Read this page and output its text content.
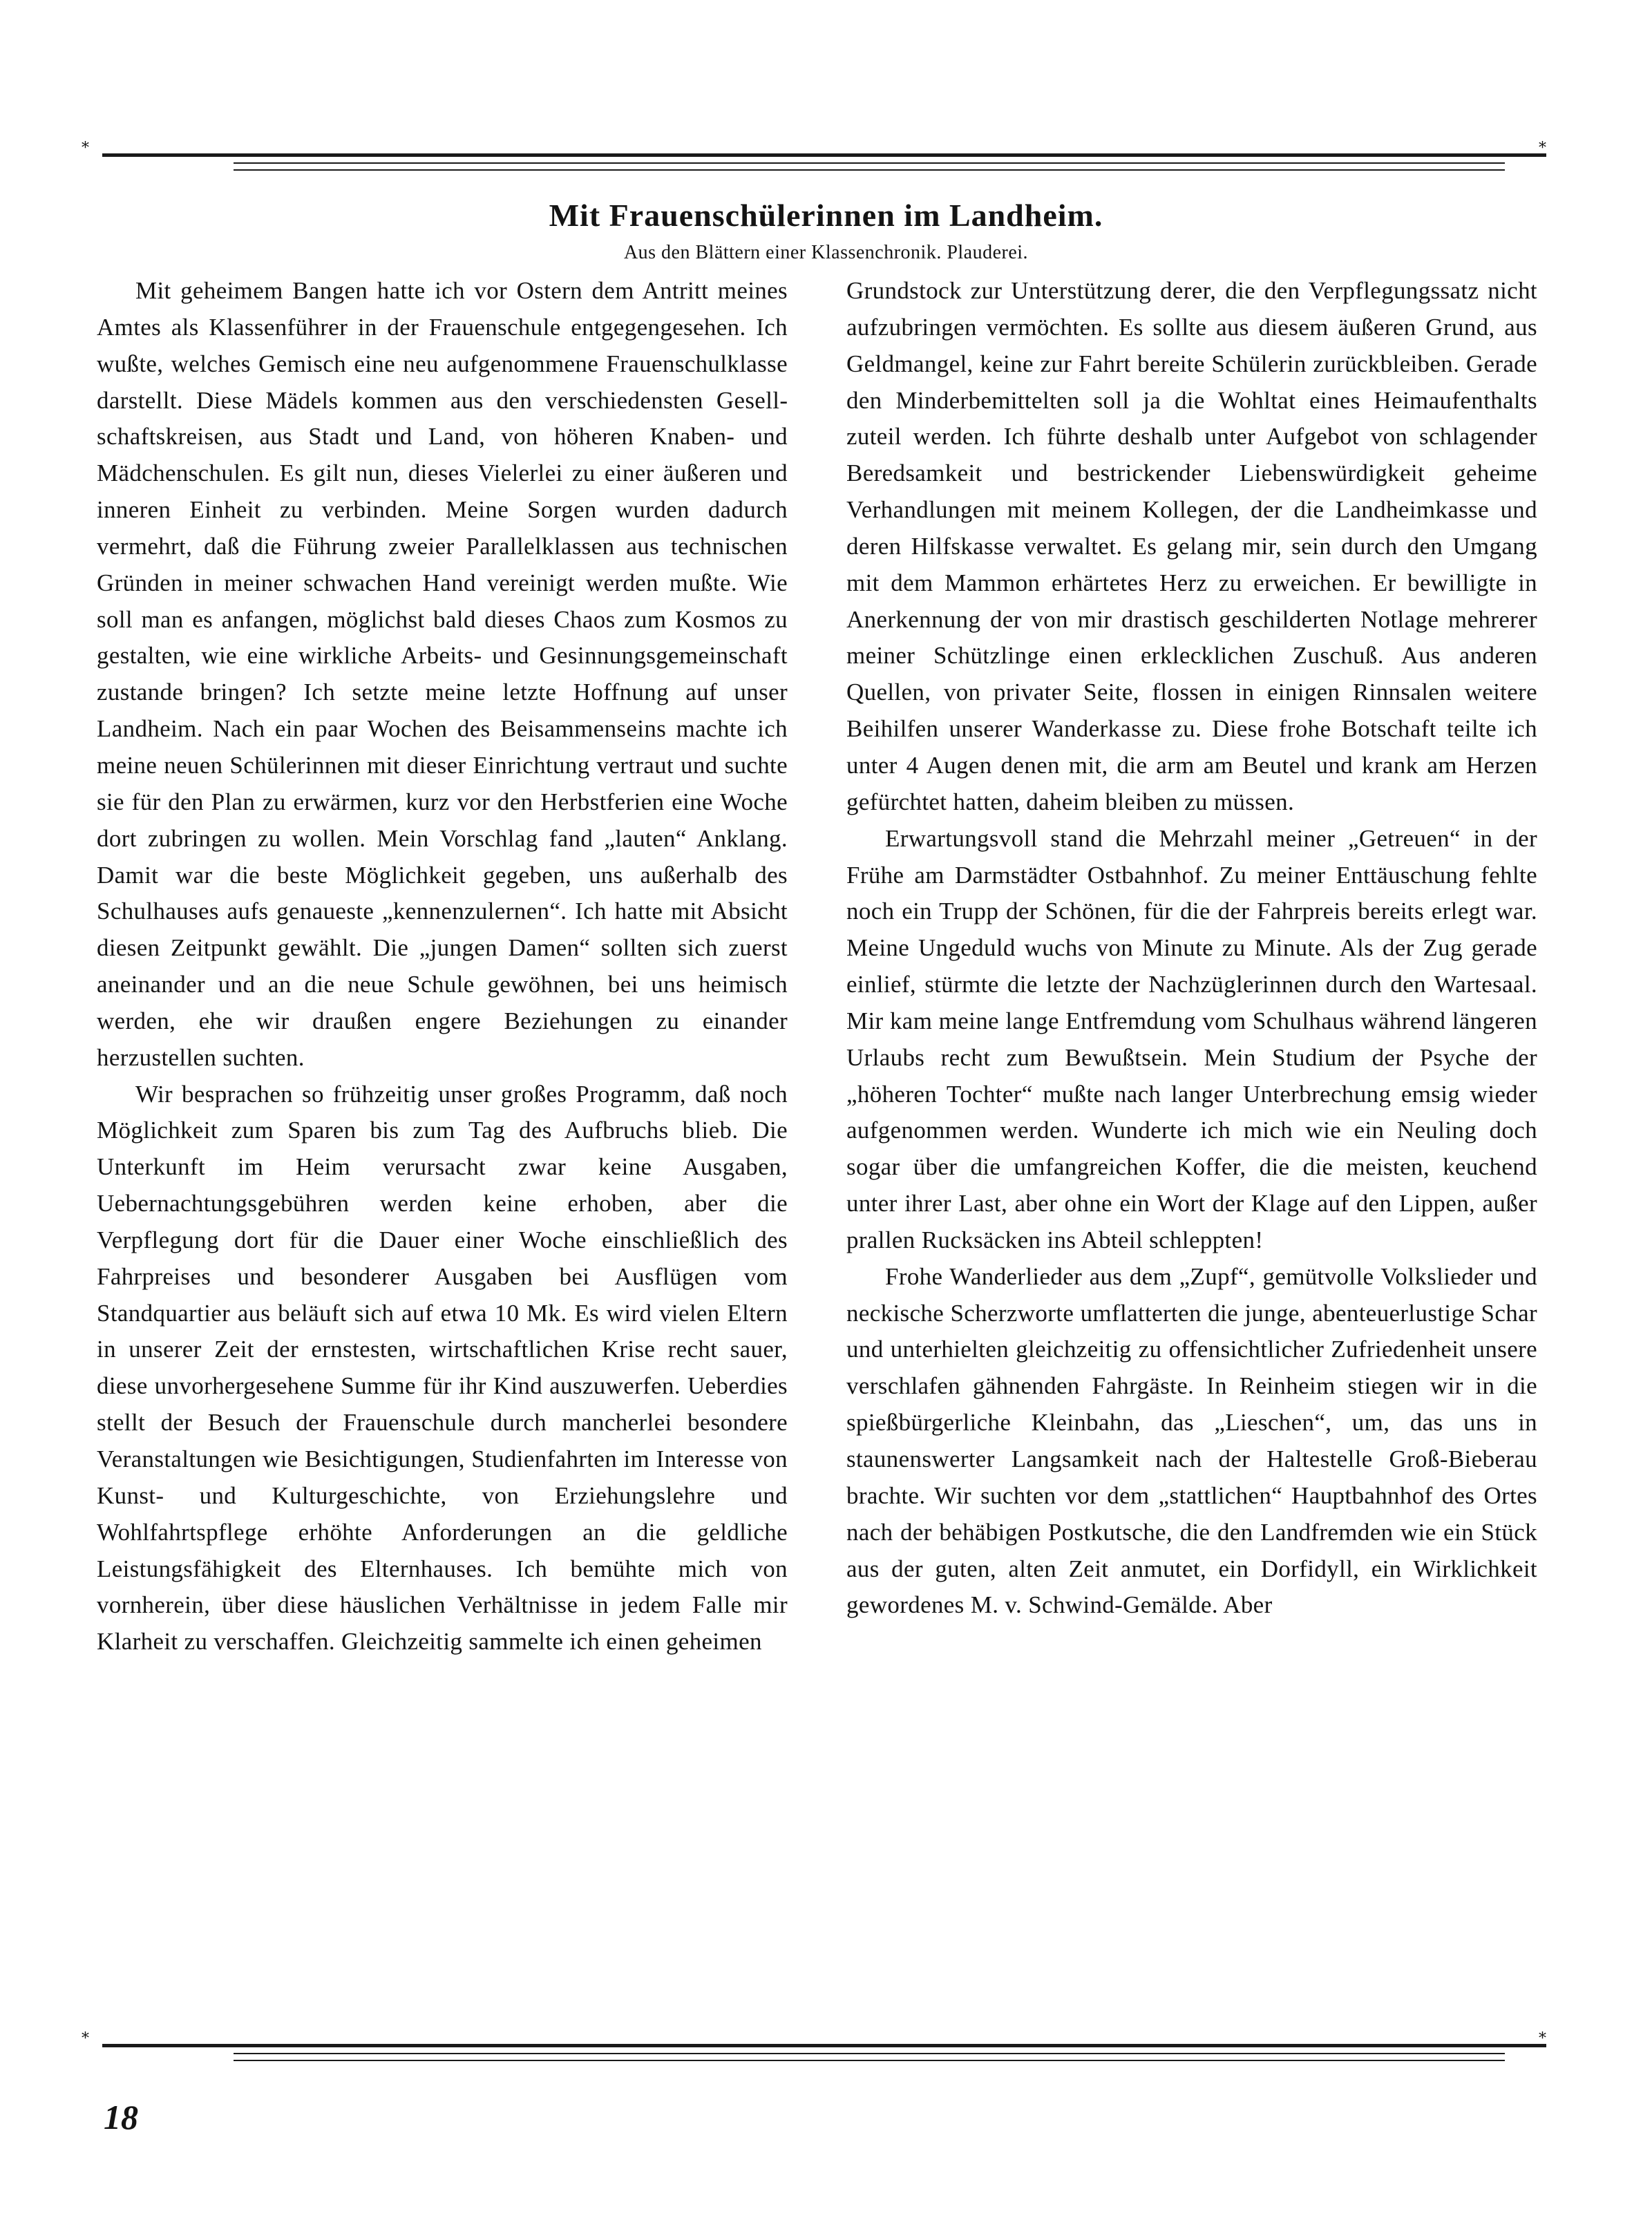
*	*
Mit Frauenschülerinnen im Landheim.
Aus den Blättern einer Klassenchronik. Plauderei.

Mit geheimem Bangen hatte ich vor Ostern dem Antritt meines Amtes als Klassenführer in der Frauenschule entgegengesehen. Ich wußte, welches Gemisch eine neu aufgenommene Frauenschulklasse darstellt. Diese Mädels kommen aus den verschiedensten Gesellschaftskreisen, aus Stadt und Land, von höheren Knaben- und Mädchenschulen. Es gilt nun, dieses Vielerlei zu einer äußeren und inneren Einheit zu verbinden. Meine Sorgen wurden dadurch vermehrt, daß die Führung zweier Parallelklassen aus technischen Gründen in meiner schwachen Hand vereinigt werden mußte. Wie soll man es anfangen, möglichst bald dieses Chaos zum Kosmos zu gestalten, wie eine wirkliche Arbeits- und Gesinnungsgemeinschaft zustande bringen? Ich setzte meine letzte Hoffnung auf unser Landheim. Nach ein paar Wochen des Beisammenseins machte ich meine neuen Schülerinnen mit dieser Einrichtung vertraut und suchte sie für den Plan zu erwärmen, kurz vor den Herbstferien eine Woche dort zubringen zu wollen. Mein Vorschlag fand „lauten“ Anklang. Damit war die beste Möglichkeit gegeben, uns außerhalb des Schulhauses aufs genaueste „kennenzulernen“. Ich hatte mit Absicht diesen Zeitpunkt gewählt. Die „jungen Damen“ sollten sich zuerst aneinander und an die neue Schule gewöhnen, bei uns heimisch werden, ehe wir draußen engere Beziehungen zu einander herzustellen suchten.

Wir besprachen so frühzeitig unser großes Programm, daß noch Möglichkeit zum Sparen bis zum Tag des Aufbruchs blieb. Die Unterkunft im Heim verursacht zwar keine Ausgaben, Uebernachtungsgebühren werden keine erhoben, aber die Verpflegung dort für die Dauer einer Woche einschließlich des Fahrpreises und besonderer Ausgaben bei Ausflügen vom Standquartier aus beläuft sich auf etwa 10 Mk. Es wird vielen Eltern in unserer Zeit der ernstesten, wirtschaftlichen Krise recht sauer, diese unvorhergesehene Summe für ihr Kind auszuwerfen. Ueberdies stellt der Besuch der Frauenschule durch mancherlei besondere Veranstaltungen wie Besichtigungen, Studienfahrten im Interesse von Kunst- und Kulturgeschichte, von Erziehungslehre und Wohlfahrtspflege erhöhte Anforderungen an die geldliche Leistungsfähigkeit des Elternhauses. Ich bemühte mich von vornherein, über diese häuslichen Verhältnisse in jedem Falle mir Klarheit zu verschaffen. Gleichzeitig sammelte ich einen geheimen

Grundstock zur Unterstützung derer, die den Verpflegungssatz nicht aufzubringen vermöchten. Es sollte aus diesem äußeren Grund, aus Geldmangel, keine zur Fahrt bereite Schülerin zurückbleiben. Gerade den Minderbemittelten soll ja die Wohltat eines Heimaufenthalts zuteil werden. Ich führte deshalb unter Aufgebot von schlagender Beredsamkeit und bestrickender Liebenswürdigkeit geheime Verhandlungen mit meinem Kollegen, der die Landheimkasse und deren Hilfskasse verwaltet. Es gelang mir, sein durch den Umgang mit dem Mammon erhärtetes Herz zu erweichen. Er bewilligte in Anerkennung der von mir drastisch geschilderten Notlage mehrerer meiner Schützlinge einen erklecklichen Zuschuß. Aus anderen Quellen, von privater Seite, flossen in einigen Rinnsalen weitere Beihilfen unserer Wanderkasse zu. Diese frohe Botschaft teilte ich unter 4 Augen denen mit, die arm am Beutel und krank am Herzen gefürchtet hatten, daheim bleiben zu müssen.

Erwartungsvoll stand die Mehrzahl meiner „Getreuen“ in der Frühe am Darmstädter Ostbahnhof. Zu meiner Enttäuschung fehlte noch ein Trupp der Schönen, für die der Fahrpreis bereits erlegt war. Meine Ungeduld wuchs von Minute zu Minute. Als der Zug gerade einlief, stürmte die letzte der Nachzüglerinnen durch den Wartesaal. Mir kam meine lange Entfremdung vom Schulhaus während längeren Urlaubs recht zum Bewußtsein. Mein Studium der Psyche der „höheren Tochter“ mußte nach langer Unterbrechung emsig wieder aufgenommen werden. Wunderte ich mich wie ein Neuling doch sogar über die umfangreichen Koffer, die die meisten, keuchend unter ihrer Last, aber ohne ein Wort der Klage auf den Lippen, außer prallen Rucksäcken ins Abteil schleppten!

Frohe Wanderlieder aus dem „Zupf“, gemütvolle Volkslieder und neckische Scherzworte umflatterten die junge, abenteuerlustige Schar und unterhielten gleichzeitig zu offensichtlicher Zufriedenheit unsere verschlafen gähnenden Fahrgäste. In Reinheim stiegen wir in die spießbürgerliche Kleinbahn, das „Lieschen“, um, das uns in staunenswerter Langsamkeit nach der Haltestelle Groß-Bieberau brachte. Wir suchten vor dem „stattlichen“ Hauptbahnhof des Ortes nach der behäbigen Postkutsche, die den Landfremden wie ein Stück aus der guten, alten Zeit anmutet, ein Dorfidyll, ein Wirklichkeit gewordenes M. v. Schwind-Gemälde. Aber

*	*
18
